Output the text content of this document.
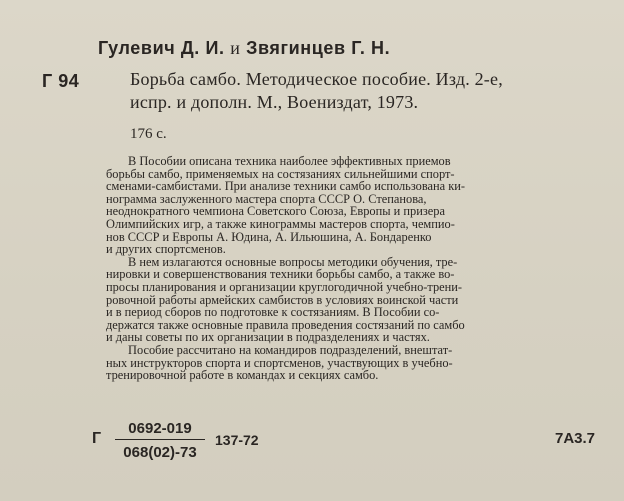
Гулевич Д. И. и Звягинцев Г. Н.
Г 94	Борьба самбо. Методическое пособие. Изд. 2-е,
испр. и дополн. М., Воениздат, 1973.
176 с.
В Пособии описана техника наиболее эффективных приемов
борьбы самбо, применяемых на состязаниях сильнейшими спорт-
сменами-самбистами. При анализе техники самбо использована ки-
нограмма заслуженного мастера спорта СССР О. Степанова,
неоднократного чемпиона Советского Союза, Европы и призера
Олимпийских игр, а также кинограммы мастеров спорта, чемпио-
нов СССР и Европы А. Юдина, А. Ильюшина, А. Бондаренко
и других спортсменов.
В нем излагаются основные вопросы методики обучения, тре-
нировки и совершенствования техники борьбы самбо, а также во-
просы планирования и организации круглогодичной учебно-трени-
ровочной работы армейских самбистов в условиях воинской части
и в период сборов по подготовке к состязаниям. В Пособии со-
держатся также основные правила проведения состязаний по самбо
и даны советы по их организации в подразделениях и частях.
Пособие рассчитано на командиров подразделений, внештат-
ных инструкторов спорта и спортсменов, участвующих в учебно-
тренировочной работе в командах и секциях самбо.
Г $\frac{0692-019}{068(02)-73} 137-72$	7А3.7
